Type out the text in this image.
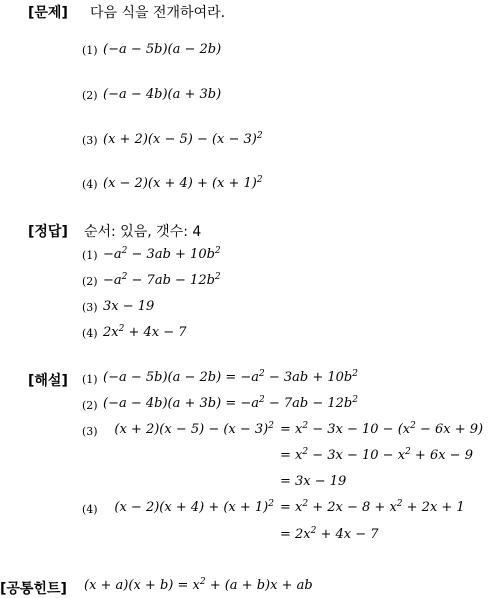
[문제] 다음 식을 전개하여라.
(1) (−a − 5b)(a − 2b)
(2) (−a − 4b)(a + 3b)
(3) $(x + 2)(x - 5) - (x - 3)^2$
(4) $(x - 2)(x + 4) + (x + 1)^2$
[정답] 순서: 있음, 갯수: 4
$(1) -a^2 - 3ab + 10b^2$
$(2) -a^2 - 7ab - 12b^2$
(3) 3x − 19
(4) $2x^2 + 4x - 7$
[해설] (1) $(-a - 5b)(a - 2b) = -a^2 - 3ab + 10b^2$
(2) $(-a - 4b)(a + 3b) = -a^2 - 7ab - 12b^2$
(3) $(x + 2)(x - 5) - (x - 3)^2 = x^2 - 3x - 10 - (x^2 - 6x + 9)$
= $x^2 - 3x - 10 - x^2 + 6x - 9$
= 3x − 19
(4) $(x - 2)(x + 4) + (x + 1)^2 = x^2 + 2x - 8 + x^2 + 2x + 1$
= $2x^2 + 4x - 7$
[공통힌트] $(x + a)(x + b) = x^2 + (a + b)x$ + ab
